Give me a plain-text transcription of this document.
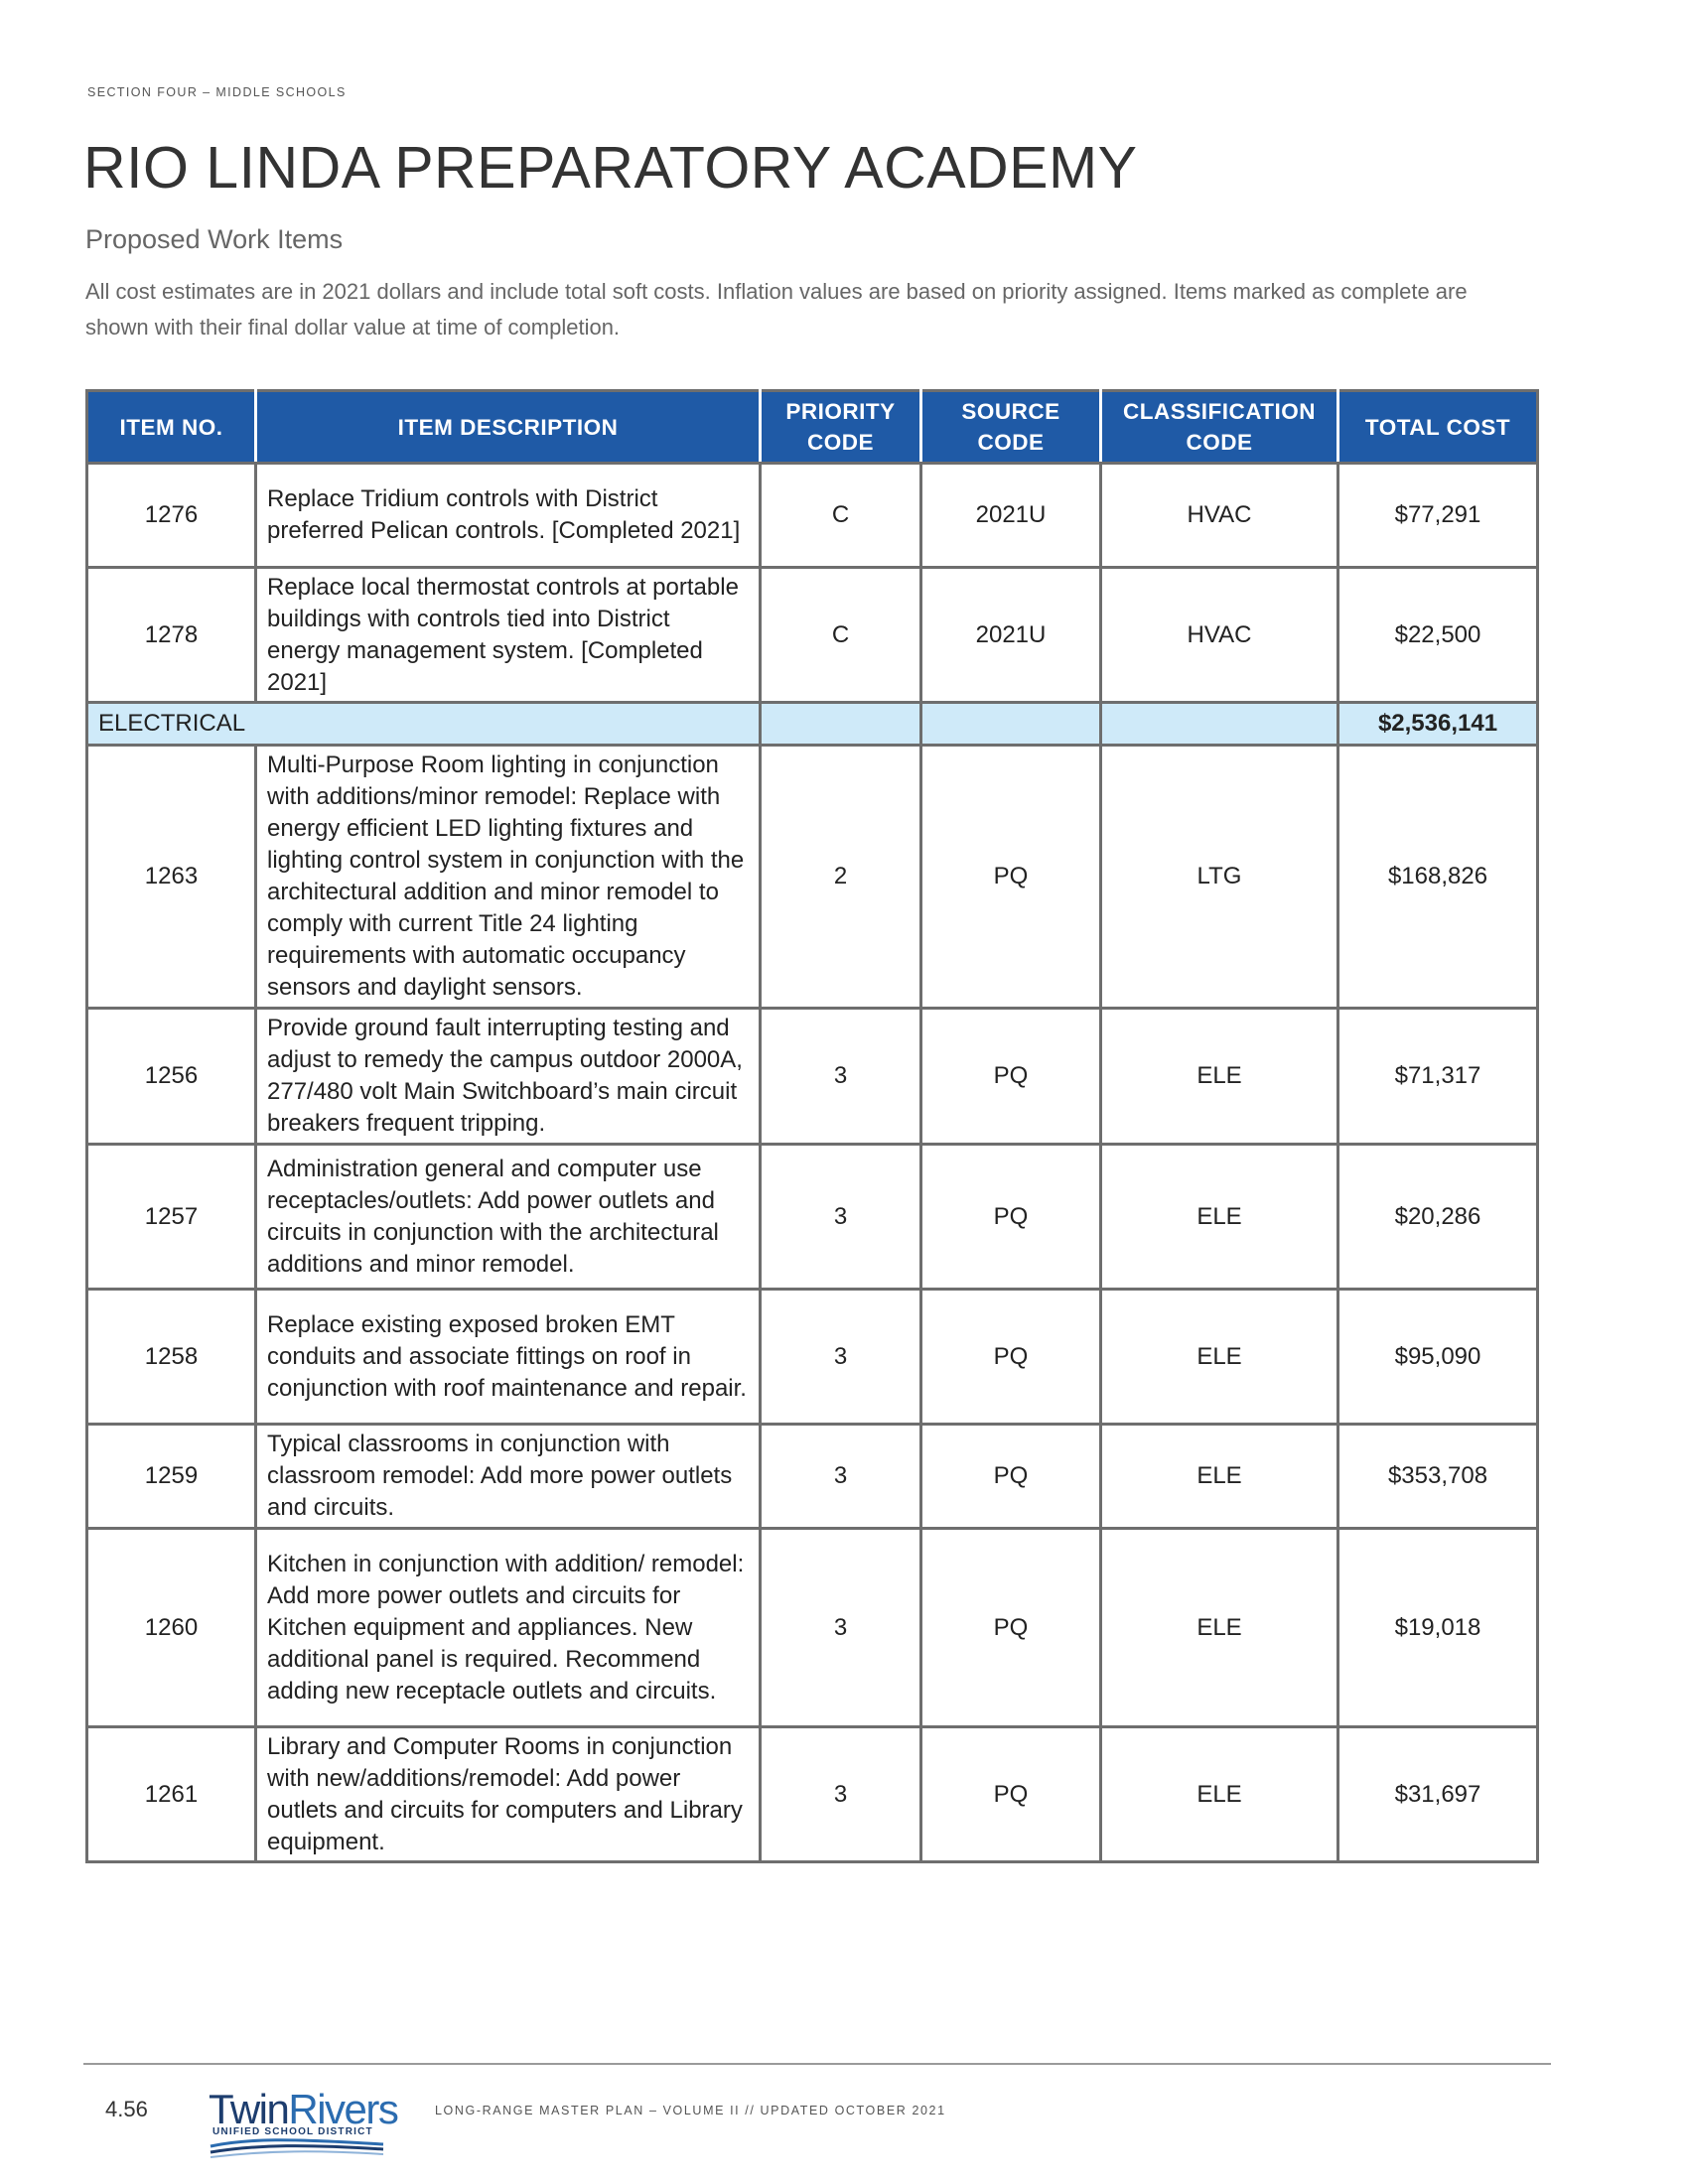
SECTION FOUR – MIDDLE SCHOOLS
RIO LINDA PREPARATORY ACADEMY
Proposed Work Items
All cost estimates are in 2021 dollars and include total soft costs. Inflation values are based on priority assigned. Items marked as complete are shown with their final dollar value at time of completion.
ITEM NO.	ITEM DESCRIPTION	PRIORITY CODE	SOURCE CODE	CLASSIFICATION CODE	TOTAL COST
1276	Replace Tridium controls with District preferred Pelican controls. [Completed 2021]	C	2021U	HVAC	$77,291
1278	Replace local thermostat controls at portable buildings with controls tied into District energy management system. [Completed 2021]	C	2021U	HVAC	$22,500
ELECTRICAL					$2,536,141
1263	Multi-Purpose Room lighting in conjunction with additions/minor remodel: Replace with energy efficient LED lighting fixtures and lighting control system in conjunction with the architectural addition and minor remodel to comply with current Title 24 lighting requirements with automatic occupancy sensors and daylight sensors.	2	PQ	LTG	$168,826
1256	Provide ground fault interrupting testing and adjust to remedy the campus outdoor 2000A, 277/480 volt Main Switchboard’s main circuit breakers frequent tripping.	3	PQ	ELE	$71,317
1257	Administration general and computer use receptacles/outlets: Add power outlets and circuits in conjunction with the architectural additions and minor remodel.	3	PQ	ELE	$20,286
1258	Replace existing exposed broken EMT conduits and associate fittings on roof in conjunction with roof maintenance and repair.	3	PQ	ELE	$95,090
1259	Typical classrooms in conjunction with classroom remodel: Add more power outlets and circuits.	3	PQ	ELE	$353,708
1260	Kitchen in conjunction with addition/ remodel: Add more power outlets and circuits for Kitchen equipment and appliances. New additional panel is required. Recommend adding new receptacle outlets and circuits.	3	PQ	ELE	$19,018
1261	Library and Computer Rooms in conjunction with new/additions/remodel: Add power outlets and circuits for computers and Library equipment.	3	PQ	ELE	$31,697
4.56 TwinRivers
UNIFIED SCHOOL DISTRICT
LONG-RANGE MASTER PLAN – VOLUME II // UPDATED OCTOBER 2021
